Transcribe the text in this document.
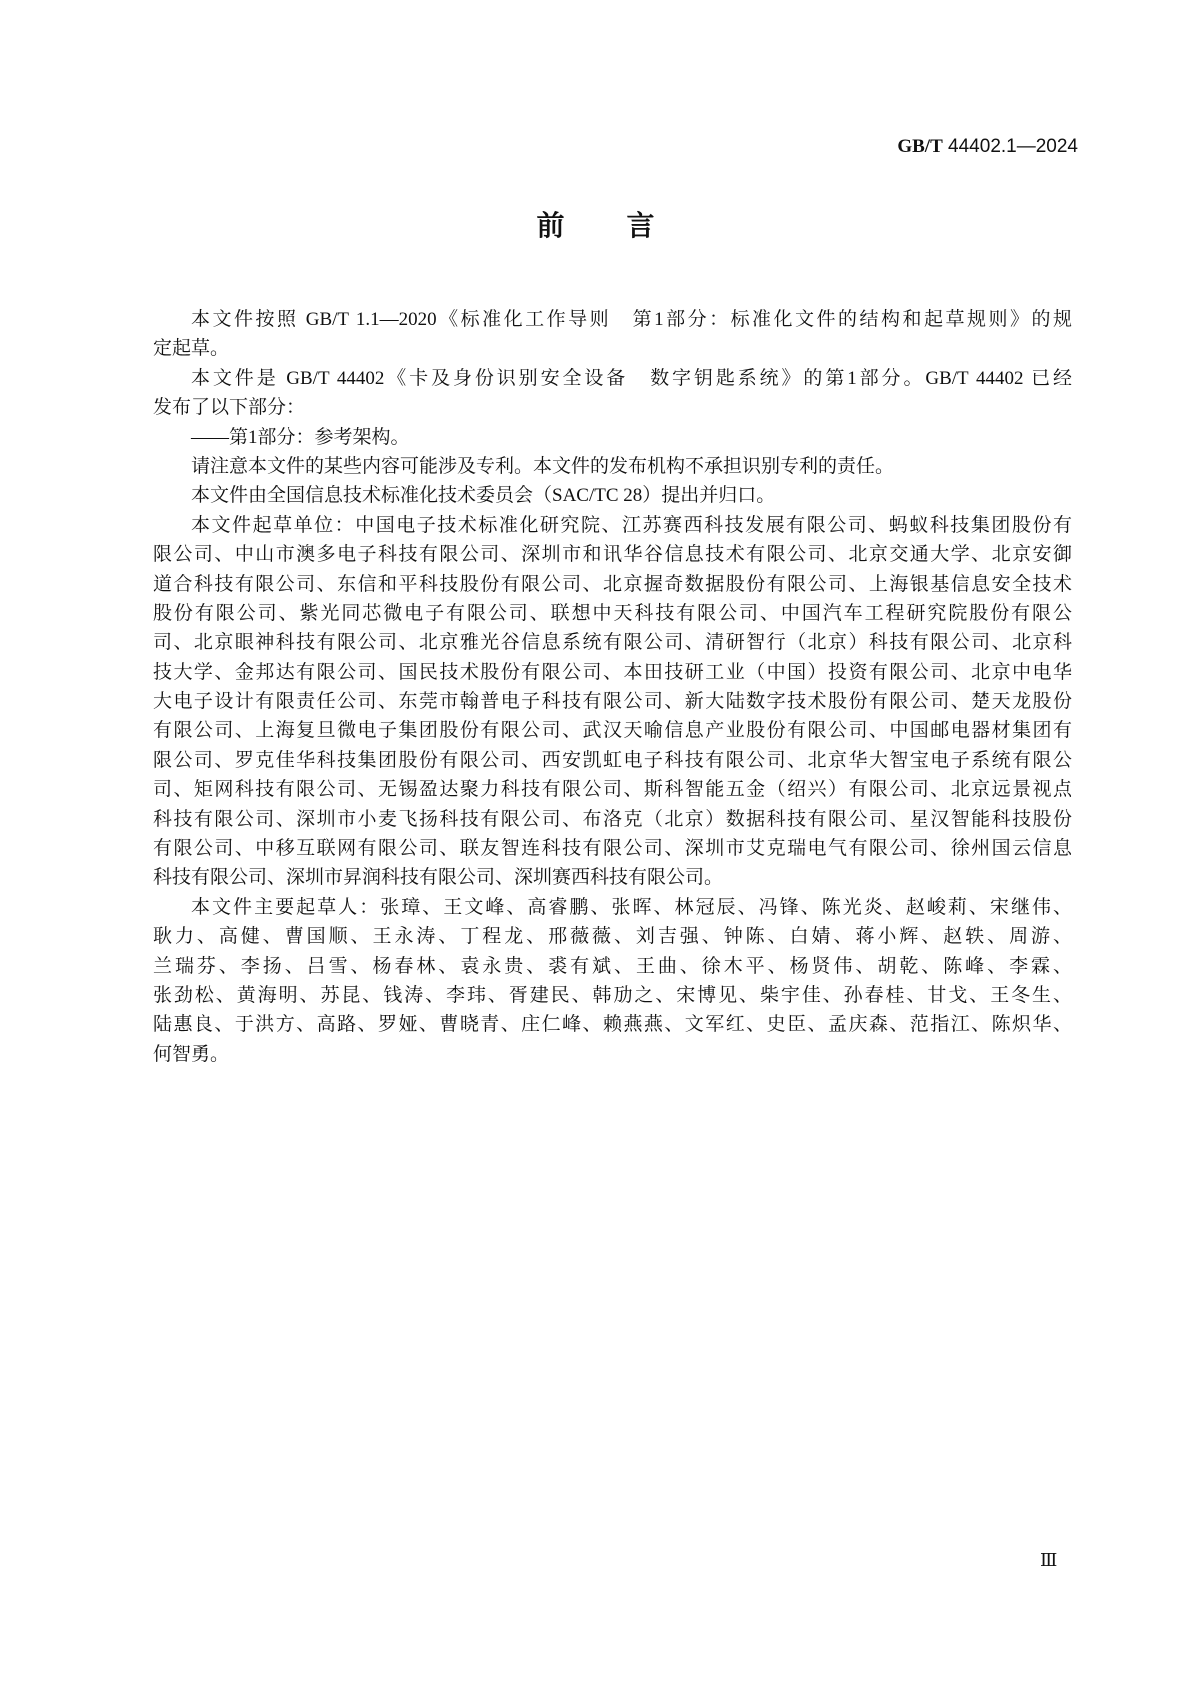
GB/T 44402.1—2024
前言
本文件按照 GB/T 1.1—2020《标准化工作导则　第1部分：标准化文件的结构和起草规则》的规
定起草。
本文件是 GB/T 44402《卡及身份识别安全设备　数字钥匙系统》的第1部分。GB/T 44402 已经
发布了以下部分：
——第1部分：参考架构。
请注意本文件的某些内容可能涉及专利。本文件的发布机构不承担识别专利的责任。
本文件由全国信息技术标准化技术委员会（SAC/TC 28）提出并归口。
本文件起草单位：中国电子技术标准化研究院、江苏赛西科技发展有限公司、蚂蚁科技集团股份有
限公司、中山市澳多电子科技有限公司、深圳市和讯华谷信息技术有限公司、北京交通大学、北京安御
道合科技有限公司、东信和平科技股份有限公司、北京握奇数据股份有限公司、上海银基信息安全技术
股份有限公司、紫光同芯微电子有限公司、联想中天科技有限公司、中国汽车工程研究院股份有限公
司、北京眼神科技有限公司、北京雅光谷信息系统有限公司、清研智行（北京）科技有限公司、北京科
技大学、金邦达有限公司、国民技术股份有限公司、本田技研工业（中国）投资有限公司、北京中电华
大电子设计有限责任公司、东莞市翰普电子科技有限公司、新大陆数字技术股份有限公司、楚天龙股份
有限公司、上海复旦微电子集团股份有限公司、武汉天喻信息产业股份有限公司、中国邮电器材集团有
限公司、罗克佳华科技集团股份有限公司、西安凯虹电子科技有限公司、北京华大智宝电子系统有限公
司、矩网科技有限公司、无锡盈达聚力科技有限公司、斯科智能五金（绍兴）有限公司、北京远景视点
科技有限公司、深圳市小麦飞扬科技有限公司、布洛克（北京）数据科技有限公司、星汉智能科技股份
有限公司、中移互联网有限公司、联友智连科技有限公司、深圳市艾克瑞电气有限公司、徐州国云信息
科技有限公司、深圳市昇润科技有限公司、深圳赛西科技有限公司。
本文件主要起草人：张璋、王文峰、高睿鹏、张晖、林冠辰、冯锋、陈光炎、赵峻莉、宋继伟、
耿力、高健、曹国顺、王永涛、丁程龙、邢薇薇、刘吉强、钟陈、白婧、蒋小辉、赵轶、周游、
兰瑞芬、李扬、吕雪、杨春林、袁永贵、裘有斌、王曲、徐木平、杨贤伟、胡乾、陈峰、李霖、
张劲松、黄海明、苏昆、钱涛、李玮、胥建民、韩劢之、宋博见、柴宇佳、孙春桂、甘戈、王冬生、
陆惠良、于洪方、高路、罗娅、曹晓青、庄仁峰、赖燕燕、文军红、史臣、孟庆森、范指江、陈炽华、
何智勇。
Ⅲ
